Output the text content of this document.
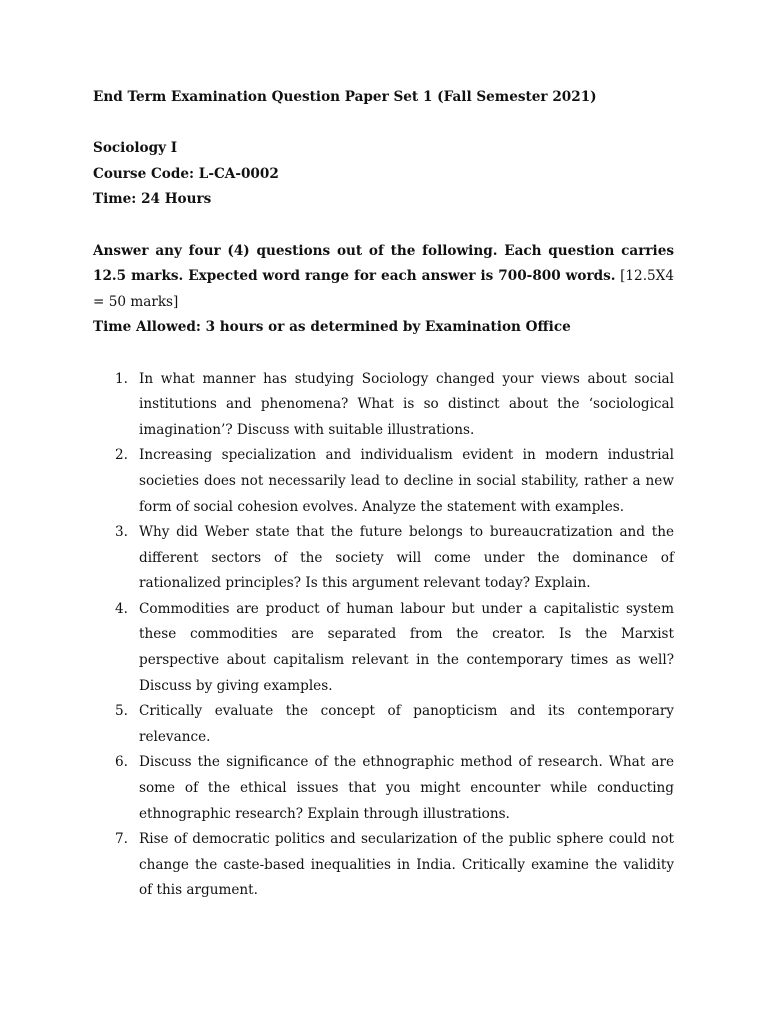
End Term Examination Question Paper Set 1 (Fall Semester 2021)

Sociology I

Course Code: L-CA-0002

Time: 24 Hours

Answer any four (4) questions out of the following. Each question carries 12.5 marks. Expected word range for each answer is 700-800 words. [12.5X4 = 50 marks]

Time Allowed: 3 hours or as determined by Examination Office

1. In what manner has studying Sociology changed your views about social institutions and phenomena? What is so distinct about the ‘sociological imagination’? Discuss with suitable illustrations.
2. Increasing specialization and individualism evident in modern industrial societies does not necessarily lead to decline in social stability, rather a new form of social cohesion evolves. Analyze the statement with examples.
3. Why did Weber state that the future belongs to bureaucratization and the different sectors of the society will come under the dominance of rationalized principles? Is this argument relevant today? Explain.
4. Commodities are product of human labour but under a capitalistic system these commodities are separated from the creator. Is the Marxist perspective about capitalism relevant in the contemporary times as well? Discuss by giving examples.
5. Critically evaluate the concept of panopticism and its contemporary relevance.
6. Discuss the significance of the ethnographic method of research. What are some of the ethical issues that you might encounter while conducting ethnographic research? Explain through illustrations.
7. Rise of democratic politics and secularization of the public sphere could not change the caste-based inequalities in India. Critically examine the validity of this argument.
